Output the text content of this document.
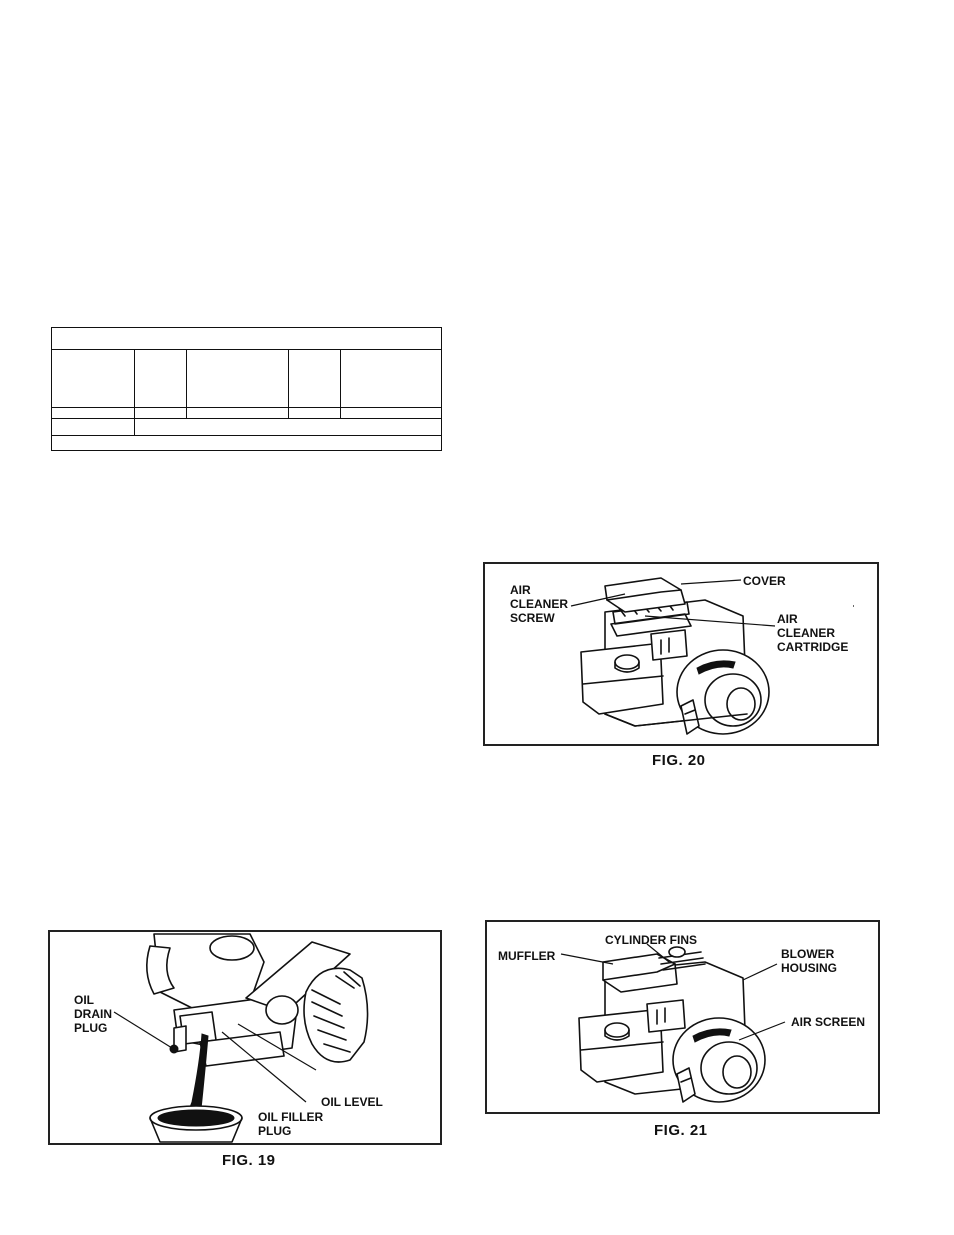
AIR
CLEANER
SCREW
COVER
AIR
CLEANER
CARTRIDGE
FIG. 20
MUFFLER
CYLINDER FINS
BLOWER
HOUSING
AIR SCREEN
FIG. 21
OIL
DRAIN
PLUG
OIL LEVEL
OIL FILLER
PLUG
FIG. 19
